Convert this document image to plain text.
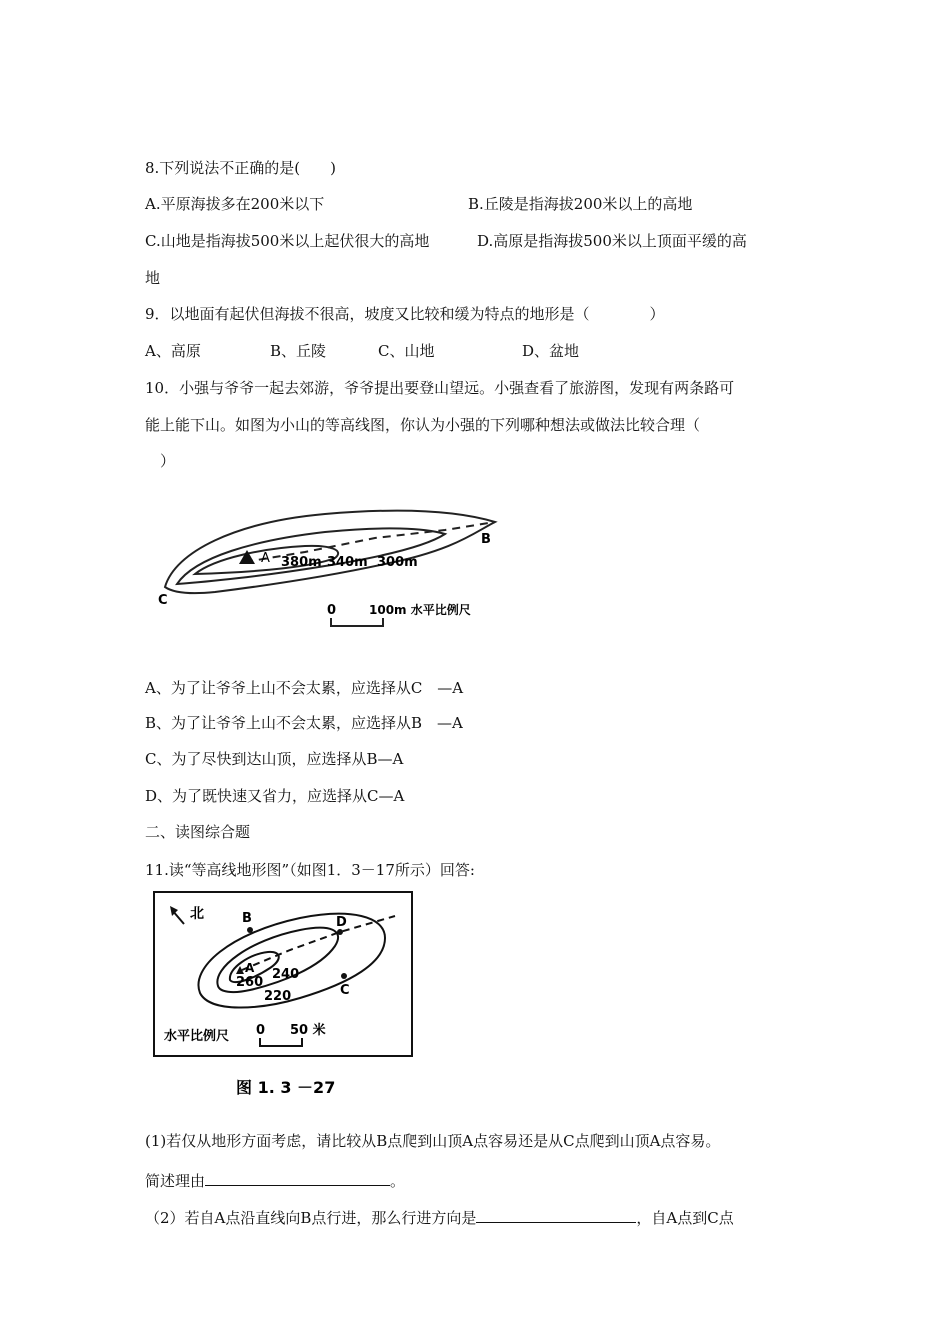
8.下列说法不正确的是(　　)
A.平原海拔多在200米以下	B.丘陵是指海拔200米以上的高地
C.山地是指海拔500米以上起伏很大的高地	D.高原是指海拔500米以上顶面平缓的高
地
9．以地面有起伏但海拔不很高，坡度又比较和缓为特点的地形是（　　　　）
A、高原	B、丘陵	C、山地	D、盆地
10．小强与爷爷一起去郊游，爷爷提出要登山望远。小强查看了旅游图，发现有两条路可
能上能下山。如图为小山的等高线图，你认为小强的下列哪种想法或做法比较合理（
）
A
B
C
380m 340m 300m
0	100m 水平比例尺
A、为了让爷爷上山不会太累，应选择从C　—A
B、为了让爷爷上山不会太累，应选择从B　—A
C、为了尽快到达山顶，应选择从B—A
D、为了既快速又省力，应选择从C—A
二、读图综合题
11.读“等高线地形图”（如图1．3－17所示）回答:
北
A
B	D
C
260
240
220
水平比例尺 0 50 米
图 1. 3 －27
(1)若仅从地形方面考虑，请比较从B点爬到山顶A点容易还是从C点爬到山顶A点容易。
简述理由	。
（2）若自A点沿直线向B点行进，那么行进方向是	，自A点到C点
